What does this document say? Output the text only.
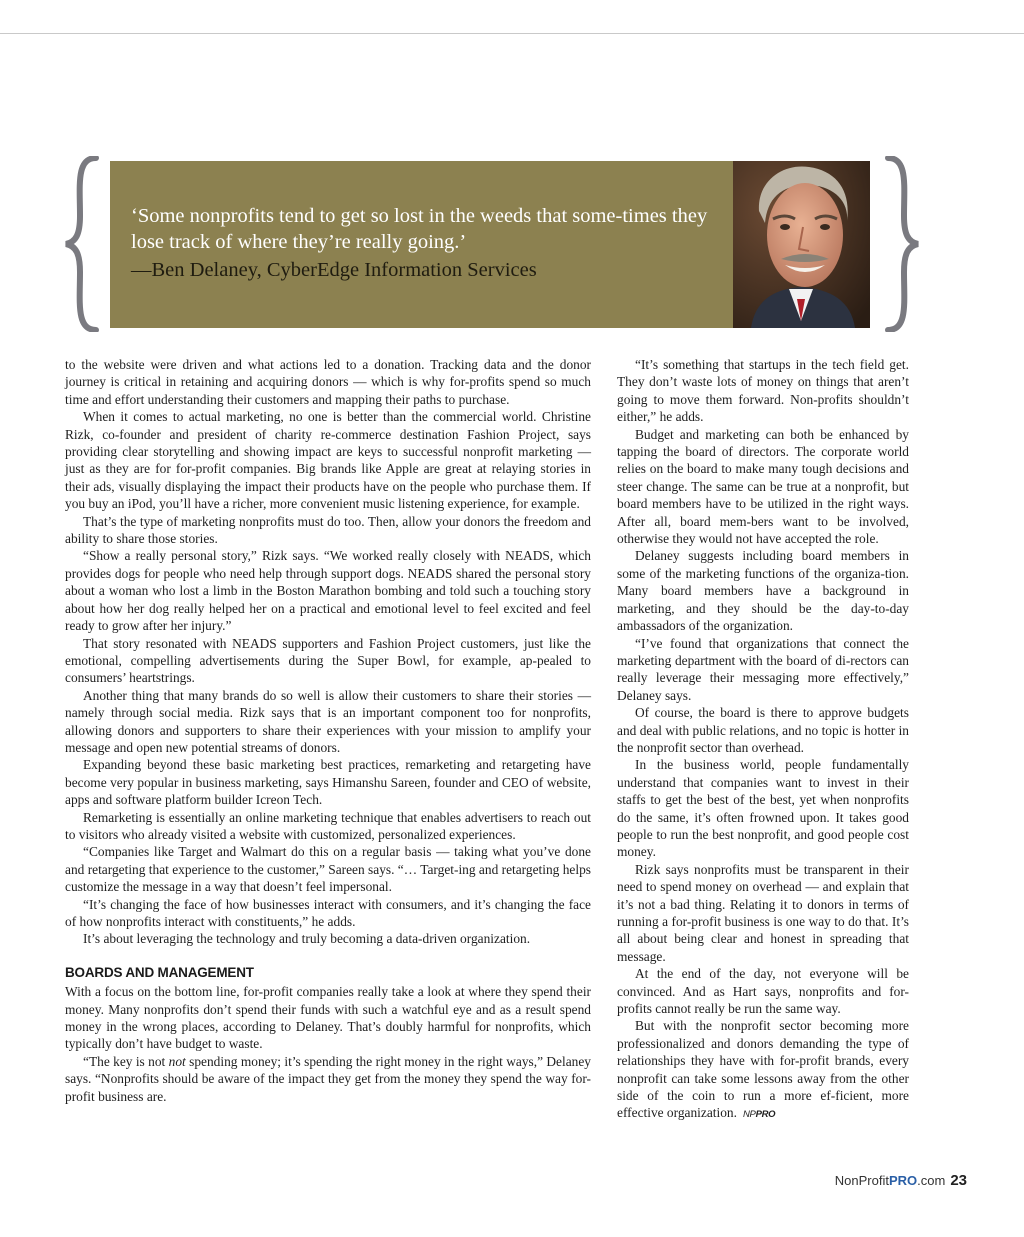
‘Some nonprofits tend to get so lost in the weeds that some-times they lose track of where they’re really going.’

—Ben Delaney, CyberEdge Information Services

to the website were driven and what actions led to a donation. Tracking data and the donor journey is critical in retaining and acquiring donors — which is why for-profits spend so much time and effort understanding their customers and mapping their paths to purchase.

When it comes to actual marketing, no one is better than the commercial world. Christine Rizk, co-founder and president of charity re-commerce destination Fashion Project, says providing clear storytelling and showing impact are keys to successful nonprofit marketing — just as they are for for-profit companies. Big brands like Apple are great at relaying stories in their ads, visually displaying the impact their products have on the people who purchase them. If you buy an iPod, you’ll have a richer, more convenient music listening experience, for example.

That’s the type of marketing nonprofits must do too. Then, allow your donors the freedom and ability to share those stories.

“Show a really personal story,” Rizk says. “We worked really closely with NEADS, which provides dogs for people who need help through support dogs. NEADS shared the personal story about a woman who lost a limb in the Boston Marathon bombing and told such a touching story about how her dog really helped her on a practical and emotional level to feel excited and feel ready to grow after her injury.”

That story resonated with NEADS supporters and Fashion Project customers, just like the emotional, compelling advertisements during the Super Bowl, for example, ap-pealed to consumers’ heartstrings.

Another thing that many brands do so well is allow their customers to share their stories — namely through social media. Rizk says that is an important component too for nonprofits, allowing donors and supporters to share their experiences with your mission to amplify your message and open new potential streams of donors.

Expanding beyond these basic marketing best practices, remarketing and retargeting have become very popular in business marketing, says Himanshu Sareen, founder and CEO of website, apps and software platform builder Icreon Tech.

Remarketing is essentially an online marketing technique that enables advertisers to reach out to visitors who already visited a website with customized, personalized experiences.

“Companies like Target and Walmart do this on a regular basis — taking what you’ve done and retargeting that experience to the customer,” Sareen says. “… Target-ing and retargeting helps customize the message in a way that doesn’t feel impersonal.

“It’s changing the face of how businesses interact with consumers, and it’s changing the face of how nonprofits interact with constituents,” he adds.

It’s about leveraging the technology and truly becoming a data-driven organization.

BOARDS AND MANAGEMENT

With a focus on the bottom line, for-profit companies really take a look at where they spend their money. Many nonprofits don’t spend their funds with such a watchful eye and as a result spend money in the wrong places, according to Delaney. That’s doubly harmful for nonprofits, which typically don’t have budget to waste.

“The key is not not spending money; it’s spending the right money in the right ways,” Delaney says. “Nonprofits should be aware of the impact they get from the money they spend the way for-profit business are.

“It’s something that startups in the tech field get. They don’t waste lots of money on things that aren’t going to move them forward. Non-profits shouldn’t either,” he adds.

Budget and marketing can both be enhanced by tapping the board of directors. The corporate world relies on the board to make many tough decisions and steer change. The same can be true at a nonprofit, but board members have to be utilized in the right ways. After all, board mem-bers want to be involved, otherwise they would not have accepted the role.

Delaney suggests including board members in some of the marketing functions of the organiza-tion. Many board members have a background in marketing, and they should be the day-to-day ambassadors of the organization.

“I’ve found that organizations that connect the marketing department with the board of di-rectors can really leverage their messaging more effectively,” Delaney says.

Of course, the board is there to approve budgets and deal with public relations, and no topic is hotter in the nonprofit sector than overhead.

In the business world, people fundamentally understand that companies want to invest in their staffs to get the best of the best, yet when nonprofits do the same, it’s often frowned upon. It takes good people to run the best nonprofit, and good people cost money.

Rizk says nonprofits must be transparent in their need to spend money on overhead — and explain that it’s not a bad thing. Relating it to donors in terms of running a for-profit business is one way to do that. It’s all about being clear and honest in spreading that message.

At the end of the day, not everyone will be convinced. And as Hart says, nonprofits and for-profits cannot really be run the same way.

But with the nonprofit sector becoming more professionalized and donors demanding the type of relationships they have with for-profit brands, every nonprofit can take some lessons away from the other side of the coin to run a more ef-ficient, more effective organization. NPPRO

NonProfitPRO.com 23
